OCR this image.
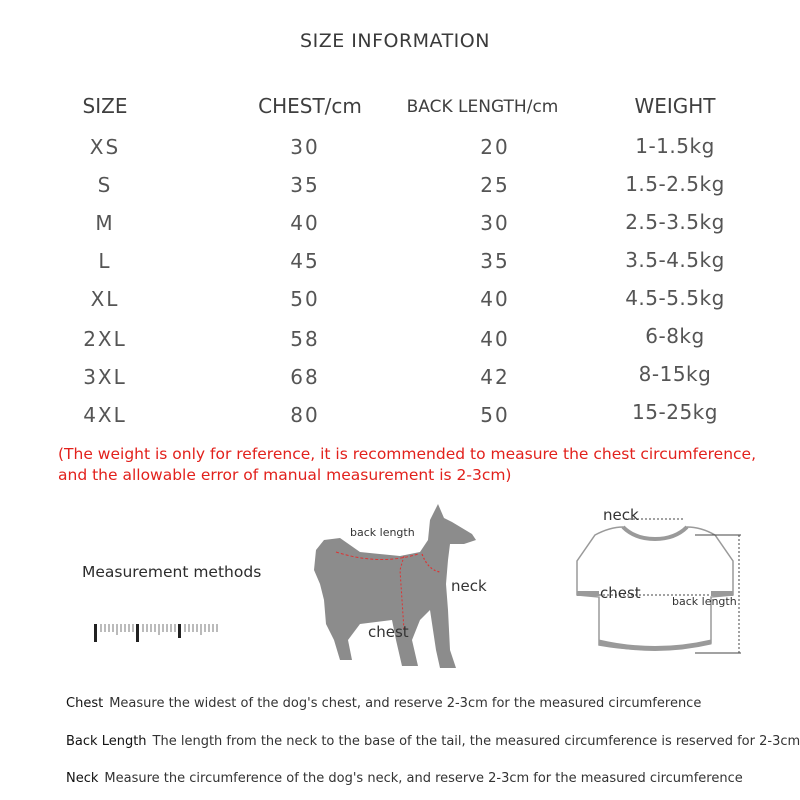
SIZE INFORMATION
SIZE	CHEST/cm	BACK LENGTH/cm	WEIGHT
XS	30	20	1-1.5kg
S	35	25	1.5-2.5kg
M	40	30	2.5-3.5kg
L	45	35	3.5-4.5kg
XL	50	40	4.5-5.5kg
2XL	58	40	6-8kg
3XL	68	42	8-15kg
4XL	80	50	15-25kg
(The weight is only for reference, it is recommended to measure the chest circumference,
and the allowable error of manual measurement is 2-3cm)
Measurement methods
back length
neck
chest
neck
chest	back length
Chest Measure the widest of the dog's chest, and reserve 2-3cm for the measured circumference
Back Length The length from the neck to the base of the tail, the measured circumference is reserved for 2-3cm
Neck Measure the circumference of the dog's neck, and reserve 2-3cm for the measured circumference
